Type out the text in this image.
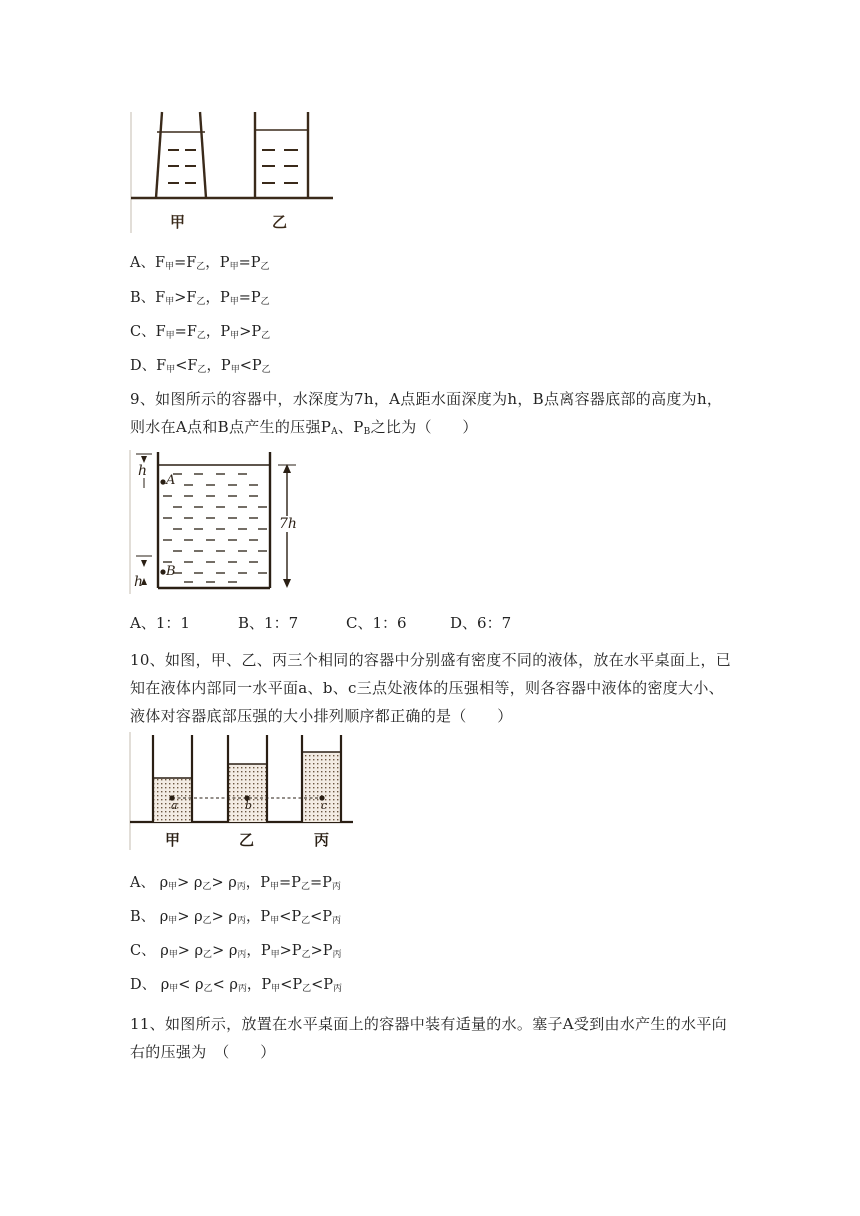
甲	乙
A、$F_甲=F_乙$，$P_甲=P_乙$
B、$F_甲>F_乙$，$P_甲=P_乙$
C、$F_甲=F_乙$，$P_甲>P_乙$
D、$F_甲<F_乙$，$P_甲<P_乙$
9、如图所示的容器中，水深度为7h，A点距水面深度为h，B点离容器底部的高度为h，则水在A点和B点产生的压强$P_A$、$P_B$之比为（　　）
h
A
7h
B
h
A、1：1	B、1：7	C、1：6	D、6：7
10、如图，甲、乙、丙三个相同的容器中分别盛有密度不同的液体，放在水平桌面上，已知在液体内部同一水平面a、b、c三点处液体的压强相等，则各容器中液体的密度大小、液体对容器底部压强的大小排列顺序都正确的是（　　）
a	b	c
甲	乙	丙
A、 $\rho_甲> \rho_乙> \rho_丙$，$P_甲=P_乙=P_丙$
B、 $\rho_甲> \rho_乙> \rho_丙$，$P_甲<P_乙<P_丙$
C、 $\rho_甲> \rho_乙> \rho_丙$，$P_甲>P_乙>P_丙$
D、 $\rho_甲< \rho_乙< \rho_丙$，$P_甲<P_乙<P_丙$
11、如图所示，放置在水平桌面上的容器中装有适量的水。塞子A受到由水产生的水平向右的压强为　（　　）
